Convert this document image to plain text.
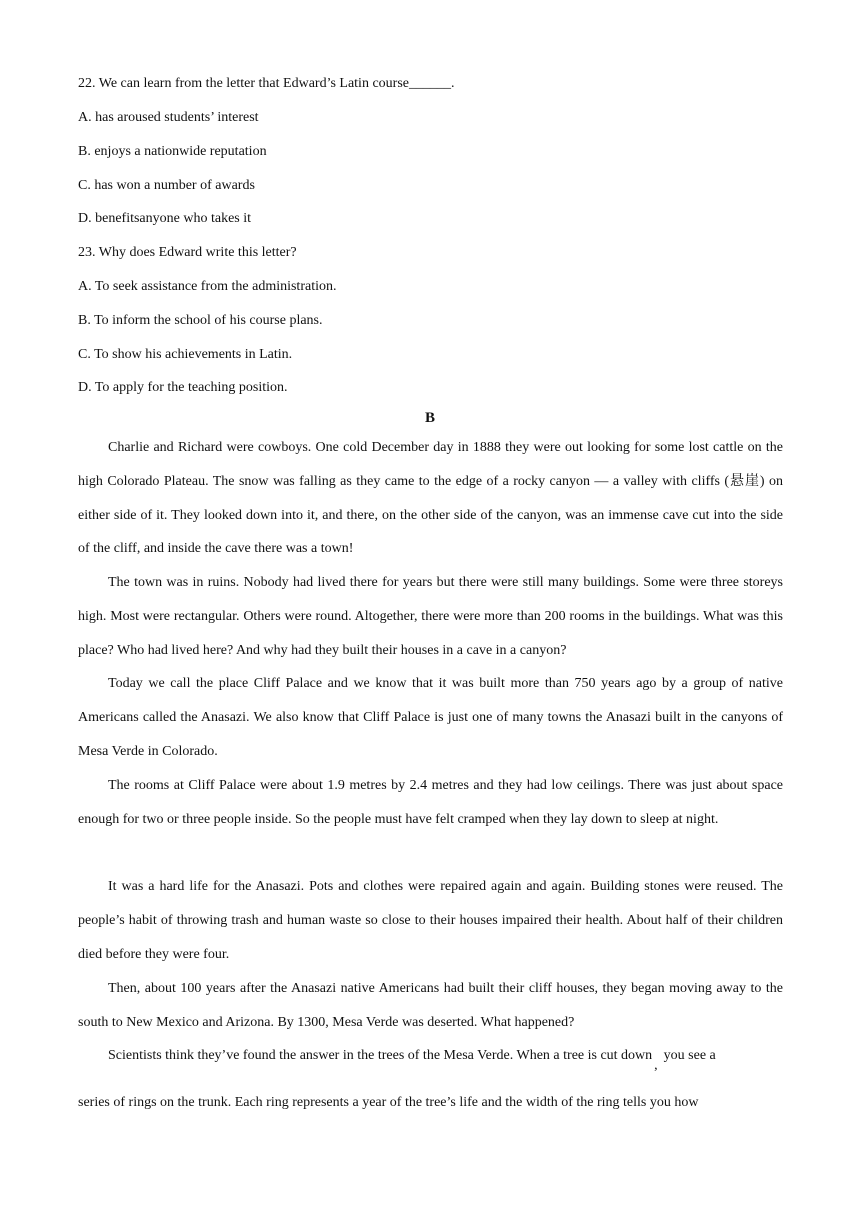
22. We can learn from the letter that Edward’s Latin course______.
A. has aroused students’ interest
B. enjoys a nationwide reputation
C. has won a number of awards
D. benefitsanyone who takes it
23. Why does Edward write this letter?
A. To seek assistance from the administration.
B. To inform the school of his course plans.
C. To show his achievements in Latin.
D. To apply for the teaching position.
B

Charlie and Richard were cowboys. One cold December day in 1888 they were out looking for some lost cattle on the high Colorado Plateau. The snow was falling as they came to the edge of a rocky canyon — a valley with cliffs (悬崖) on either side of it. They looked down into it, and there, on the other side of the canyon, was an immense cave cut into the side of the cliff, and inside the cave there was a town!

The town was in ruins. Nobody had lived there for years but there were still many buildings. Some were three storeys high. Most were rectangular. Others were round. Altogether, there were more than 200 rooms in the buildings. What was this place? Who had lived here? And why had they built their houses in a cave in a canyon?

Today we call the place Cliff Palace and we know that it was built more than 750 years ago by a group of native Americans called the Anasazi. We also know that Cliff Palace is just one of many towns the Anasazi built in the canyons of Mesa Verde in Colorado.

The rooms at Cliff Palace were about 1.9 metres by 2.4 metres and they had low ceilings. There was just about space enough for two or three people inside. So the people must have felt cramped when they lay down to sleep at night.

It was a hard life for the Anasazi. Pots and clothes were repaired again and again. Building stones were reused. The people’s habit of throwing trash and human waste so close to their houses impaired their health. About half of their children died before they were four.

Then, about 100 years after the Anasazi native Americans had built their cliff houses, they began moving away to the south to New Mexico and Arizona. By 1300, Mesa Verde was deserted. What happened?

Scientists think they’ve found the answer in the trees of the Mesa Verde. When a tree is cut down,you see a
series of rings on the trunk. Each ring represents a year of the tree’s life and the width of the ring tells you how
